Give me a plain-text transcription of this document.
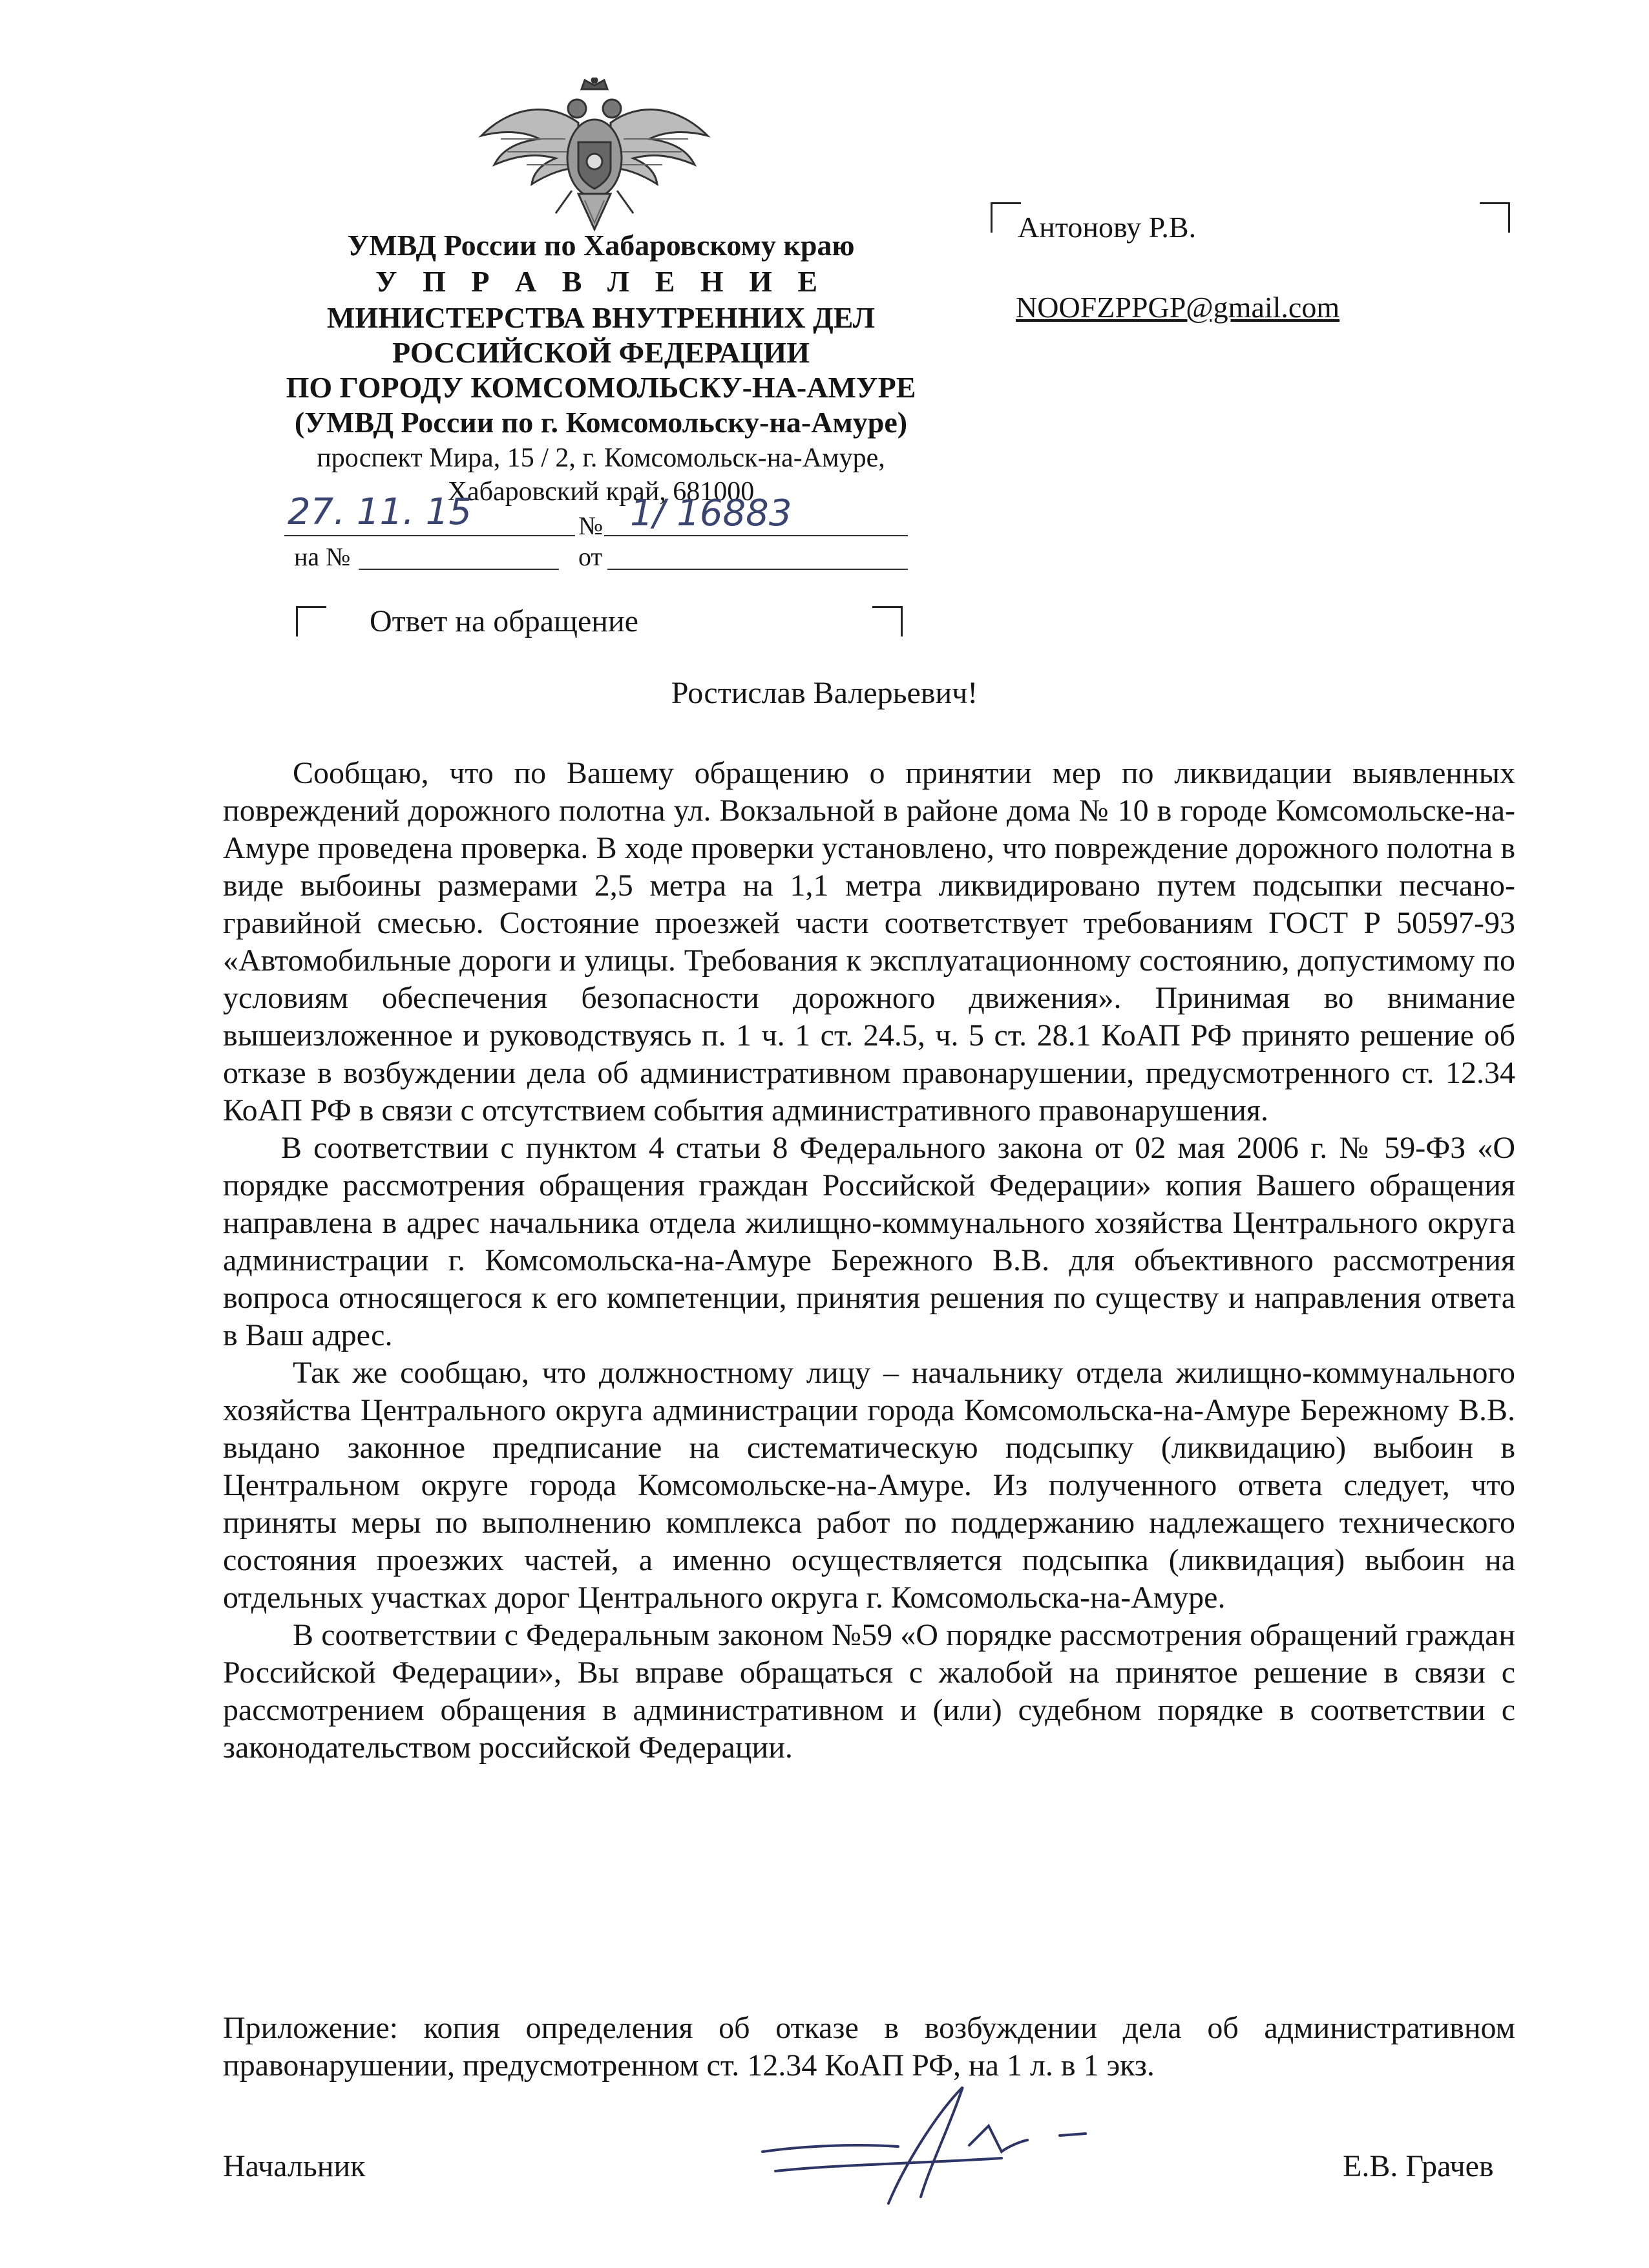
УМВД России по Хабаровскому краю
У П Р А В Л Е Н И Е
МИНИСТЕРСТВА ВНУТРЕННИХ ДЕЛ
РОССИЙСКОЙ ФЕДЕРАЦИИ
ПО ГОРОДУ КОМСОМОЛЬСКУ-НА-АМУРЕ
(УМВД России по г. Комсомольску-на-Амуре)
проспект Мира, 15 / 2, г. Комсомольск-на-Амуре,
Хабаровский край, 681000
27. 11. 15	№ 1/ 16883
на №	от
Антонову Р.В.
NOOFZPPGP@gmail.com
Ответ на обращение
Ростислав Валерьевич!

Сообщаю, что по Вашему обращению о принятии мер по ликвидации выявленных повреждений дорожного полотна ул. Вокзальной в районе дома № 10 в городе Комсомольске-на-Амуре проведена проверка. В ходе проверки установлено, что повреждение дорожного полотна в виде выбоины размерами 2,5 метра на 1,1 метра ликвидировано путем подсыпки песчано-гравийной смесью. Состояние проезжей части соответствует требованиям ГОСТ Р 50597-93 «Автомобильные дороги и улицы. Требования к эксплуатационному состоянию, допустимому по условиям обеспечения безопасности дорожного движения». Принимая во внимание вышеизложенное и руководствуясь п. 1 ч. 1 ст. 24.5, ч. 5 ст. 28.1 КоАП РФ принято решение об отказе в возбуждении дела об административном правонарушении, предусмотренного ст. 12.34 КоАП РФ в связи с отсутствием события административного правонарушения.

В соответствии с пунктом 4 статьи 8 Федерального закона от 02 мая 2006 г. № 59-ФЗ «О порядке рассмотрения обращения граждан Российской Федерации» копия Вашего обращения направлена в адрес начальника отдела жилищно-коммунального хозяйства Центрального округа администрации г. Комсомольска-на-Амуре Бережного В.В. для объективного рассмотрения вопроса относящегося к его компетенции, принятия решения по существу и направления ответа в Ваш адрес.

Так же сообщаю, что должностному лицу – начальнику отдела жилищно-коммунального хозяйства Центрального округа администрации города Комсомольска-на-Амуре Бережному В.В. выдано законное предписание на систематическую подсыпку (ликвидацию) выбоин в Центральном округе города Комсомольске-на-Амуре. Из полученного ответа следует, что приняты меры по выполнению комплекса работ по поддержанию надлежащего технического состояния проезжих частей, а именно осуществляется подсыпка (ликвидация) выбоин на отдельных участках дорог Центрального округа г. Комсомольска-на-Амуре.

В соответствии с Федеральным законом №59 «О порядке рассмотрения обращений граждан Российской Федерации», Вы вправе обращаться с жалобой на принятое решение в связи с рассмотрением обращения в административном и (или) судебном порядке в соответствии с законодательством российской Федерации.

Приложение: копия определения об отказе в возбуждении дела об административном правонарушении, предусмотренном ст. 12.34 КоАП РФ, на 1 л. в 1 экз.
Начальник	Е.В. Грачев
